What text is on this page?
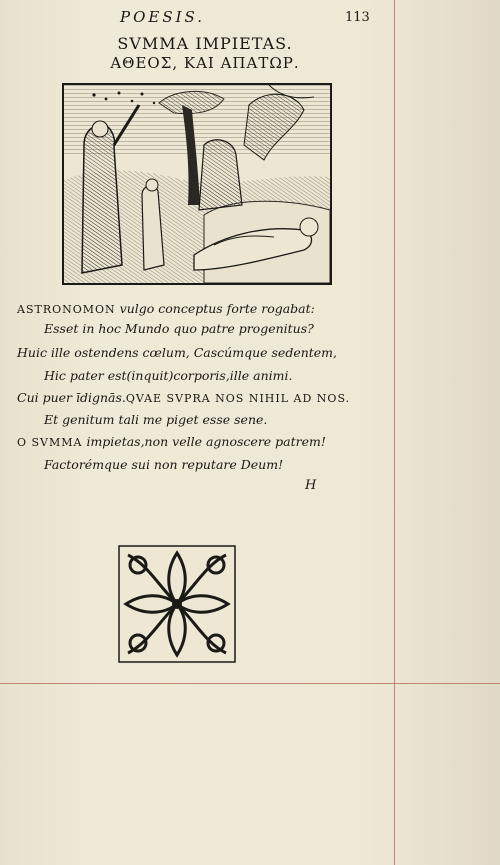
POESIS.	113
SVMMA IMPIETAS.
ΑΘΕΟΣ, ΚΑΙ ΑΠΑΤΩΡ.
ASTRONOMON vulgo conceptus forte rogabat:
Esset in hoc Mundo quo patre progenitus?
Huic ille ostendens cœlum, Cascúmque sedentem,
Hic pater est(inquit)corporis,ille animi.
Cui puer īdignās.QVAE SVPRA NOS NIHIL AD NOS.
Et genitum tali me piget esse sene.
O SVMMA impietas,non velle agnoscere patrem!
Factorémque sui non reputare Deum!
H
